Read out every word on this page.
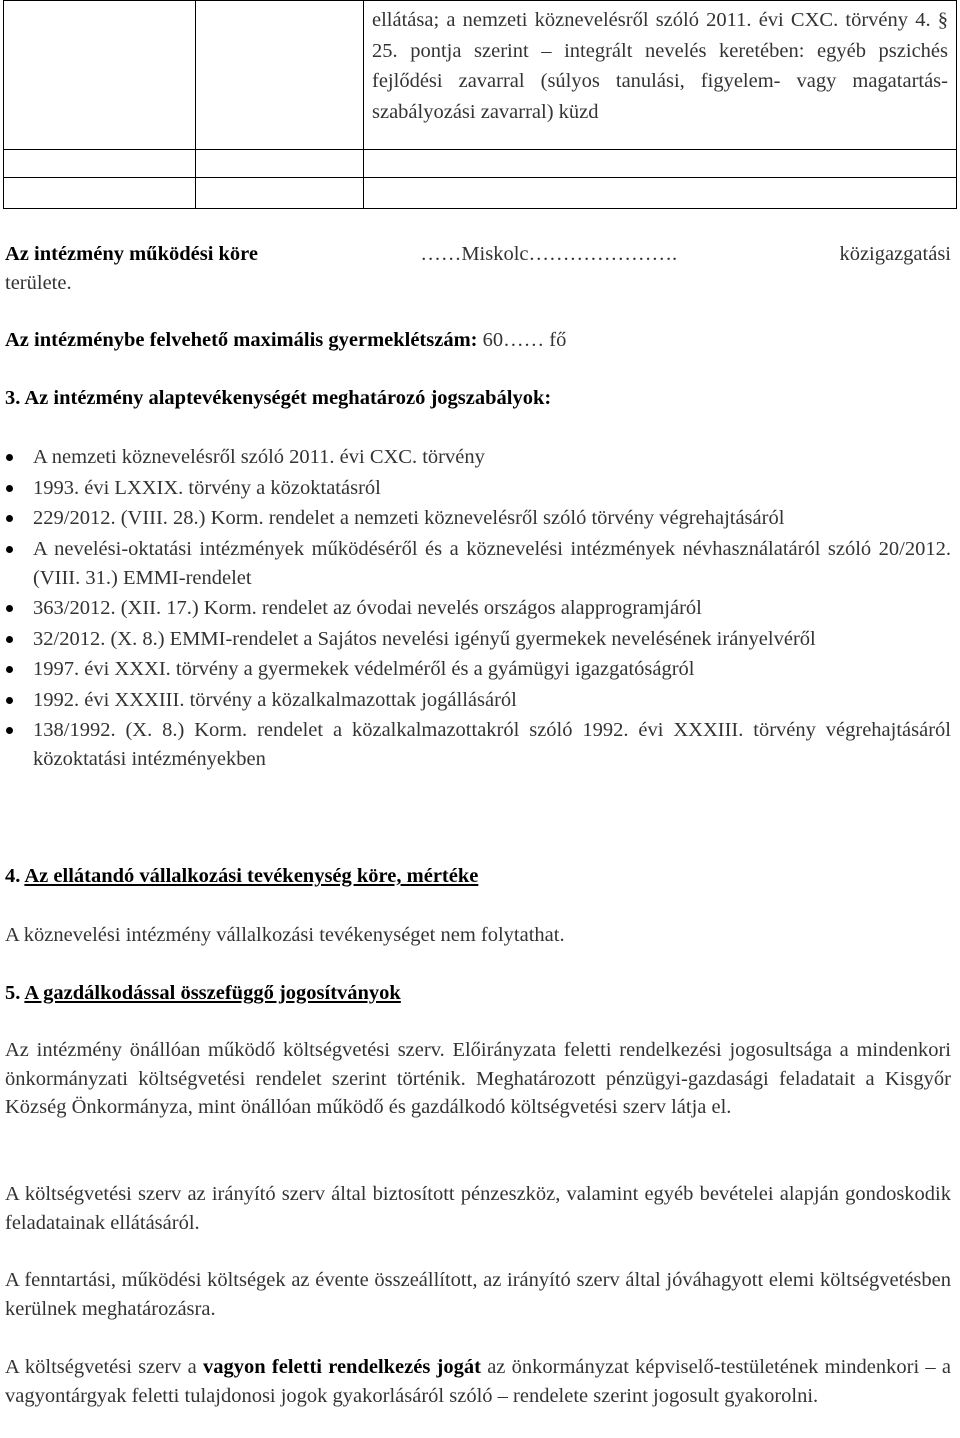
		ellátása; a nemzeti köznevelésről szóló 2011. évi CXC. törvény 4. § 25. pontja szerint – integrált nevelés keretében: egyéb pszichés fejlődési zavarral (súlyos tanulási, figyelem- vagy magatartás-szabályozási zavarral) küzd

Az intézmény működési köre	……Miskolc………………….	közigazgatási
területe.
Az intézménybe felvehető maximális gyermeklétszám: 60…… fő
3. Az intézmény alaptevékenységét meghatározó jogszabályok:
A nemzeti köznevelésről szóló 2011. évi CXC. törvény
1993. évi LXXIX. törvény a közoktatásról
229/2012. (VIII. 28.) Korm. rendelet a nemzeti köznevelésről szóló törvény végrehajtásáról
A nevelési-oktatási intézmények működéséről és a köznevelési intézmények névhasználatáról szóló 20/2012. (VIII. 31.) EMMI-rendelet
363/2012. (XII. 17.) Korm. rendelet az óvodai nevelés országos alapprogramjáról
32/2012. (X. 8.) EMMI-rendelet a Sajátos nevelési igényű gyermekek nevelésének irányelvéről
1997. évi XXXI. törvény a gyermekek védelméről és a gyámügyi igazgatóságról
1992. évi XXXIII. törvény a közalkalmazottak jogállásáról
138/1992. (X. 8.) Korm. rendelet a közalkalmazottakról szóló 1992. évi XXXIII. törvény végrehajtásáról közoktatási intézményekben
4. Az ellátandó vállalkozási tevékenység köre, mértéke
A köznevelési intézmény vállalkozási tevékenységet nem folytathat.
5. A gazdálkodással összefüggő jogosítványok
Az intézmény önállóan működő költségvetési szerv. Előirányzata feletti rendelkezési jogosultsága a mindenkori önkormányzati költségvetési rendelet szerint történik. Meghatározott pénzügyi-gazdasági feladatait a Kisgyőr Község Önkormányza, mint önállóan működő és gazdálkodó költségvetési szerv látja el.
A költségvetési szerv az irányító szerv által biztosított pénzeszköz, valamint egyéb bevételei alapján gondoskodik feladatainak ellátásáról.
A fenntartási, működési költségek az évente összeállított, az irányító szerv által jóváhagyott elemi költségvetésben kerülnek meghatározásra.
A költségvetési szerv a vagyon feletti rendelkezés jogát az önkormányzat képviselő-testületének mindenkori – a vagyontárgyak feletti tulajdonosi jogok gyakorlásáról szóló – rendelete szerint jogosult gyakorolni.
